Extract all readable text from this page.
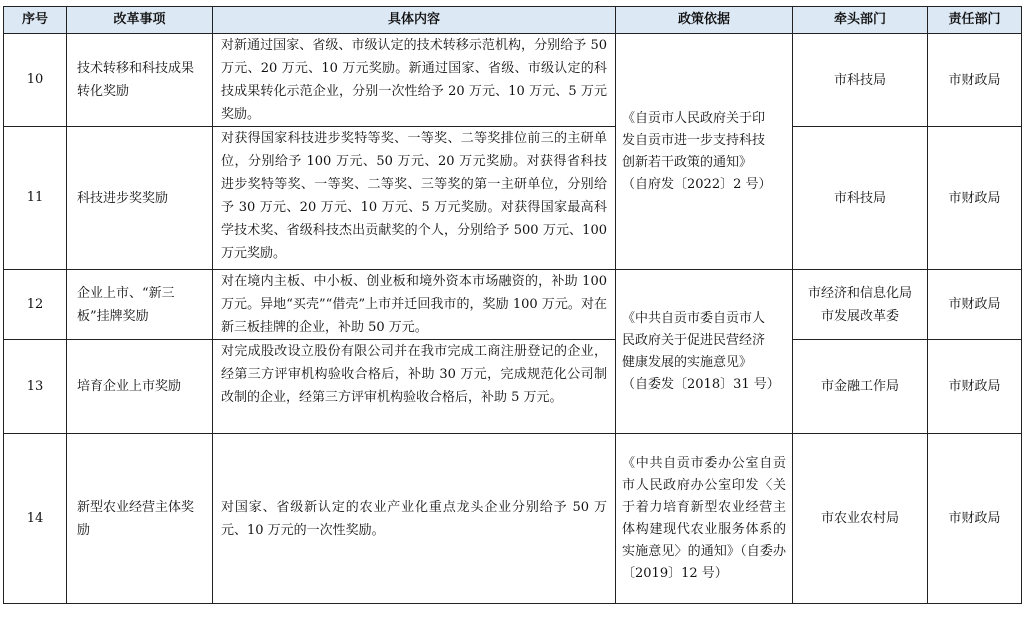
序号	改革事项	具体内容	政策依据	牵头部门	责任部门
10	技术转移和科技成果转化奖励	对新通过国家、省级、市级认定的技术转移示范机构，分别给予 50 万元、20 万元、10 万元奖励。新通过国家、省级、市级认定的科技成果转化示范企业，分别一次性给予 20 万元、10 万元、5 万元奖励。	《自贡市人民政府关于印
发自贡市进一步支持科技
创新若干政策的通知》
（自府发〔2022〕2 号）	市科技局	市财政局
11	科技进步奖奖励	对获得国家科技进步奖特等奖、一等奖、二等奖排位前三的主研单位，分别给予 100 万元、50 万元、20 万元奖励。对获得省科技进步奖特等奖、一等奖、二等奖、三等奖的第一主研单位，分别给予 30 万元、20 万元、10 万元、5 万元奖励。对获得国家最高科学技术奖、省级科技杰出贡献奖的个人，分别给予 500 万元、100 万元奖励。		市科技局	市财政局
12	企业上市、“新三板”挂牌奖励	对在境内主板、中小板、创业板和境外资本市场融资的，补助 100 万元。异地“买壳”“借壳”上市并迁回我市的，奖励 100 万元。对在新三板挂牌的企业，补助 50 万元。	《中共自贡市委自贡市人
民政府关于促进民营经济
健康发展的实施意见》
（自委发〔2018〕31 号）	市经济和信息化局
市发展改革委	市财政局
13	培育企业上市奖励	对完成股改设立股份有限公司并在我市完成工商注册登记的企业，经第三方评审机构验收合格后，补助 30 万元，完成规范化公司制改制的企业，经第三方评审机构验收合格后，补助 5 万元。		市金融工作局	市财政局
14	新型农业经营主体奖励	对国家、省级新认定的农业产业化重点龙头企业分别给予 50 万元、10 万元的一次性奖励。	《中共自贡市委办公室自贡市人民政府办公室印发〈关于着力培育新型农业经营主体构建现代农业服务体系的实施意见〉的通知》（自委办〔2019〕12 号）	市农业农村局	市财政局
